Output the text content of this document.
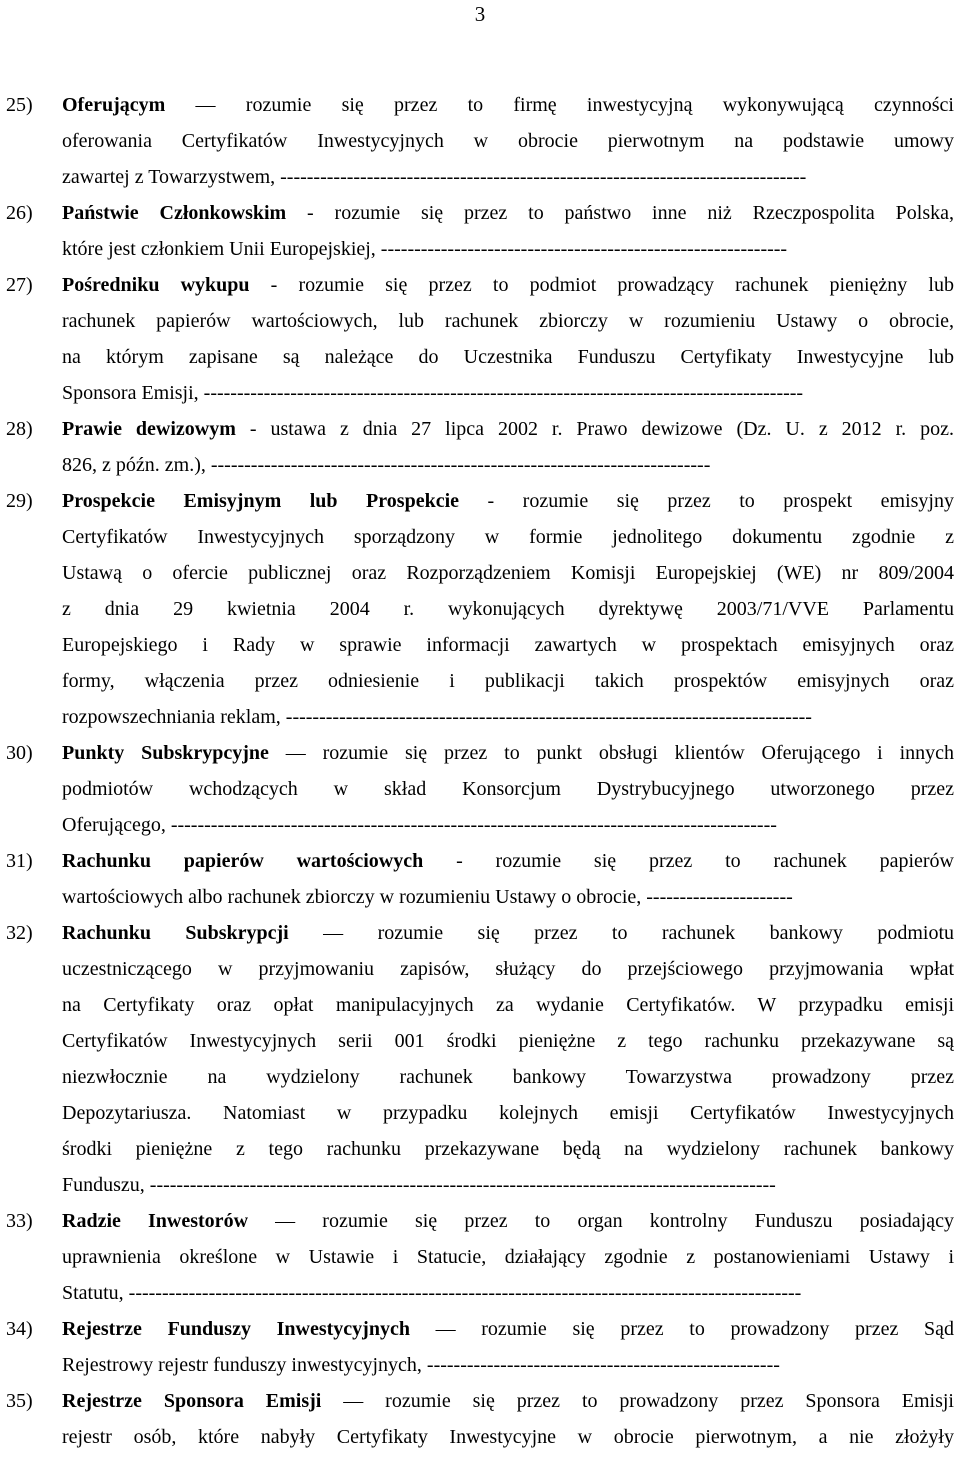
3
25) Oferującym — rozumie się przez to firmę inwestycyjną wykonywującą czynności
oferowania Certyfikatów Inwestycyjnych w obrocie pierwotnym na podstawie umowy
zawartej z Towarzystwem, -------------------------------------------------------------------------------
26) Państwie Członkowskim - rozumie się przez to państwo inne niż Rzeczpospolita Polska,
które jest członkiem Unii Europejskiej, -------------------------------------------------------------
27) Pośredniku wykupu - rozumie się przez to podmiot prowadzący rachunek pieniężny lub
rachunek papierów wartościowych, lub rachunek zbiorczy w rozumieniu Ustawy o obrocie,
na którym zapisane są należące do Uczestnika Funduszu Certyfikaty Inwestycyjne lub
Sponsora Emisji, ------------------------------------------------------------------------------------------
28) Prawie dewizowym - ustawa z dnia 27 lipca 2002 r. Prawo dewizowe (Dz. U. z 2012 r. poz.
826, z późn. zm.), ---------------------------------------------------------------------------
29) Prospekcie Emisyjnym lub Prospekcie - rozumie się przez to prospekt emisyjny
Certyfikatów Inwestycyjnych sporządzony w formie jednolitego dokumentu zgodnie z
Ustawą o ofercie publicznej oraz Rozporządzeniem Komisji Europejskiej (WE) nr 809/2004
z dnia 29 kwietnia 2004 r. wykonujących dyrektywę 2003/71/VVE Parlamentu
Europejskiego i Rady w sprawie informacji zawartych w prospektach emisyjnych oraz
formy, włączenia przez odniesienie i publikacji takich prospektów emisyjnych oraz
rozpowszechniania reklam, -------------------------------------------------------------------------------
30) Punkty Subskrypcyjne — rozumie się przez to punkt obsługi klientów Oferującego i innych
podmiotów wchodzących w skład Konsorcjum Dystrybucyjnego utworzonego przez
Oferującego, -------------------------------------------------------------------------------------------
31) Rachunku papierów wartościowych - rozumie się przez to rachunek papierów
wartościowych albo rachunek zbiorczy w rozumieniu Ustawy o obrocie, ----------------------
32) Rachunku Subskrypcji — rozumie się przez to rachunek bankowy podmiotu
uczestniczącego w przyjmowaniu zapisów, służący do przejściowego przyjmowania wpłat
na Certyfikaty oraz opłat manipulacyjnych za wydanie Certyfikatów. W przypadku emisji
Certyfikatów Inwestycyjnych serii 001 środki pieniężne z tego rachunku przekazywane są
niezwłocznie na wydzielony rachunek bankowy Towarzystwa prowadzony przez
Depozytariusza. Natomiast w przypadku kolejnych emisji Certyfikatów Inwestycyjnych
środki pieniężne z tego rachunku przekazywane będą na wydzielony rachunek bankowy
Funduszu, ----------------------------------------------------------------------------------------------
33) Radzie Inwestorów — rozumie się przez to organ kontrolny Funduszu posiadający
uprawnienia określone w Ustawie i Statucie, działający zgodnie z postanowieniami Ustawy i
Statutu, -----------------------------------------------------------------------------------------------------
34) Rejestrze Funduszy Inwestycyjnych — rozumie się przez to prowadzony przez Sąd
Rejestrowy rejestr funduszy inwestycyjnych, -----------------------------------------------------
35) Rejestrze Sponsora Emisji — rozumie się przez to prowadzony przez Sponsora Emisji
rejestr osób, które nabyły Certyfikaty Inwestycyjne w obrocie pierwotnym, a nie złożyły
